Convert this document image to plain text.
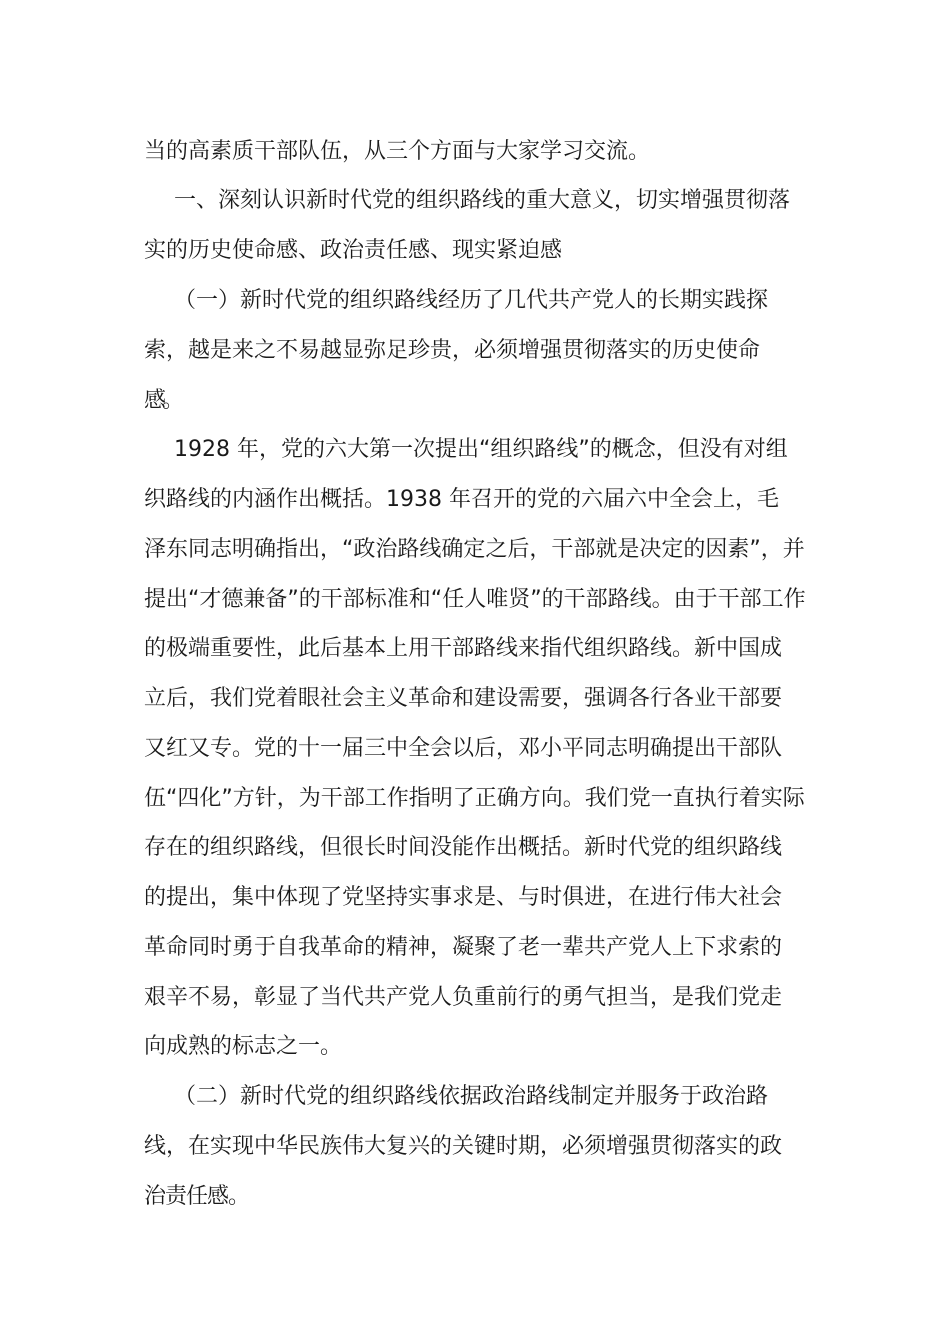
当的高素质干部队伍，从三个方面与大家学习交流。
一、深刻认识新时代党的组织路线的重大意义，切实增强贯彻落
实的历史使命感、政治责任感、现实紧迫感
（一）新时代党的组织路线经历了几代共产党人的长期实践探
索，越是来之不易越显弥足珍贵，必须增强贯彻落实的历史使命
感。
1928 年，党的六大第一次提出“组织路线”的概念，但没有对组
织路线的内涵作出概括。1938 年召开的党的六届六中全会上，毛
泽东同志明确指出，“政治路线确定之后，干部就是决定的因素”，并
提出“才德兼备”的干部标准和“任人唯贤”的干部路线。由于干部工作
的极端重要性，此后基本上用干部路线来指代组织路线。新中国成
立后，我们党着眼社会主义革命和建设需要，强调各行各业干部要
又红又专。党的十一届三中全会以后，邓小平同志明确提出干部队
伍“四化”方针，为干部工作指明了正确方向。我们党一直执行着实际
存在的组织路线，但很长时间没能作出概括。新时代党的组织路线
的提出，集中体现了党坚持实事求是、与时俱进，在进行伟大社会
革命同时勇于自我革命的精神，凝聚了老一辈共产党人上下求索的
艰辛不易，彰显了当代共产党人负重前行的勇气担当，是我们党走
向成熟的标志之一。
（二）新时代党的组织路线依据政治路线制定并服务于政治路
线，在实现中华民族伟大复兴的关键时期，必须增强贯彻落实的政
治责任感。
